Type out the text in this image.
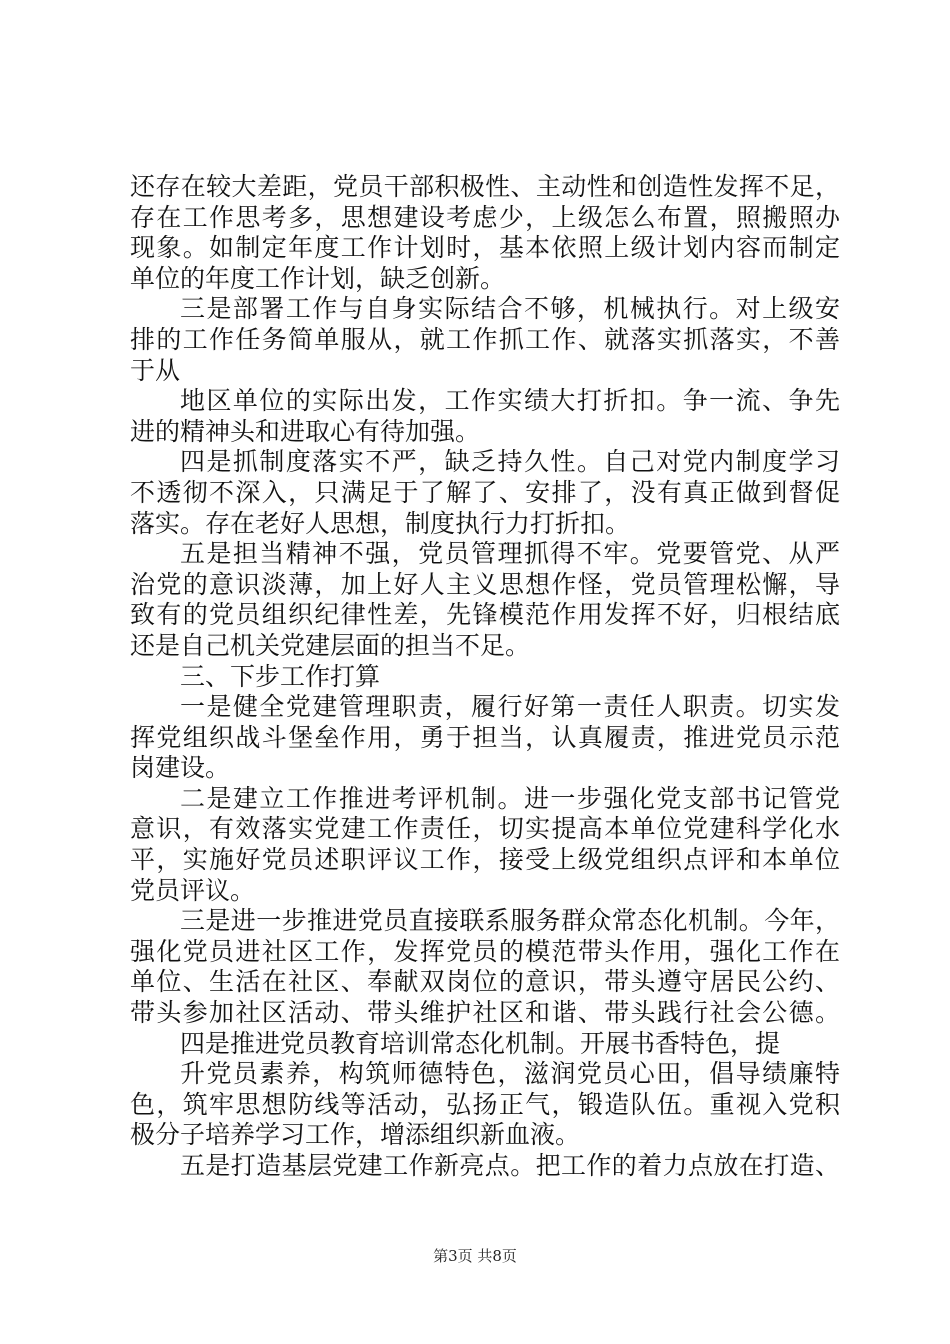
还存在较大差距，党员干部积极性、主动性和创造性发挥不足，
存在工作思考多，思想建设考虑少，上级怎么布置，照搬照办
现象。如制定年度工作计划时，基本依照上级计划内容而制定
单位的年度工作计划，缺乏创新。
三是部署工作与自身实际结合不够，机械执行。对上级安
排的工作任务简单服从，就工作抓工作、就落实抓落实，不善
于从
地区单位的实际出发，工作实绩大打折扣。争一流、争先
进的精神头和进取心有待加强。
四是抓制度落实不严，缺乏持久性。自己对党内制度学习
不透彻不深入，只满足于了解了、安排了，没有真正做到督促
落实。存在老好人思想，制度执行力打折扣。
五是担当精神不强，党员管理抓得不牢。党要管党、从严
治党的意识淡薄，加上好人主义思想作怪，党员管理松懈，导
致有的党员组织纪律性差，先锋模范作用发挥不好，归根结底
还是自己机关党建层面的担当不足。
三、下步工作打算
一是健全党建管理职责，履行好第一责任人职责。切实发
挥党组织战斗堡垒作用，勇于担当，认真履责，推进党员示范
岗建设。
二是建立工作推进考评机制。进一步强化党支部书记管党
意识，有效落实党建工作责任，切实提高本单位党建科学化水
平，实施好党员述职评议工作，接受上级党组织点评和本单位
党员评议。
三是进一步推进党员直接联系服务群众常态化机制。今年，
强化党员进社区工作，发挥党员的模范带头作用，强化工作在
单位、生活在社区、奉献双岗位的意识，带头遵守居民公约、
带头参加社区活动、带头维护社区和谐、带头践行社会公德。
四是推进党员教育培训常态化机制。开展书香特色，提
升党员素养，构筑师德特色，滋润党员心田，倡导绩廉特
色，筑牢思想防线等活动，弘扬正气，锻造队伍。重视入党积
极分子培养学习工作，增添组织新血液。
五是打造基层党建工作新亮点。把工作的着力点放在打造、
第3页 共8页
